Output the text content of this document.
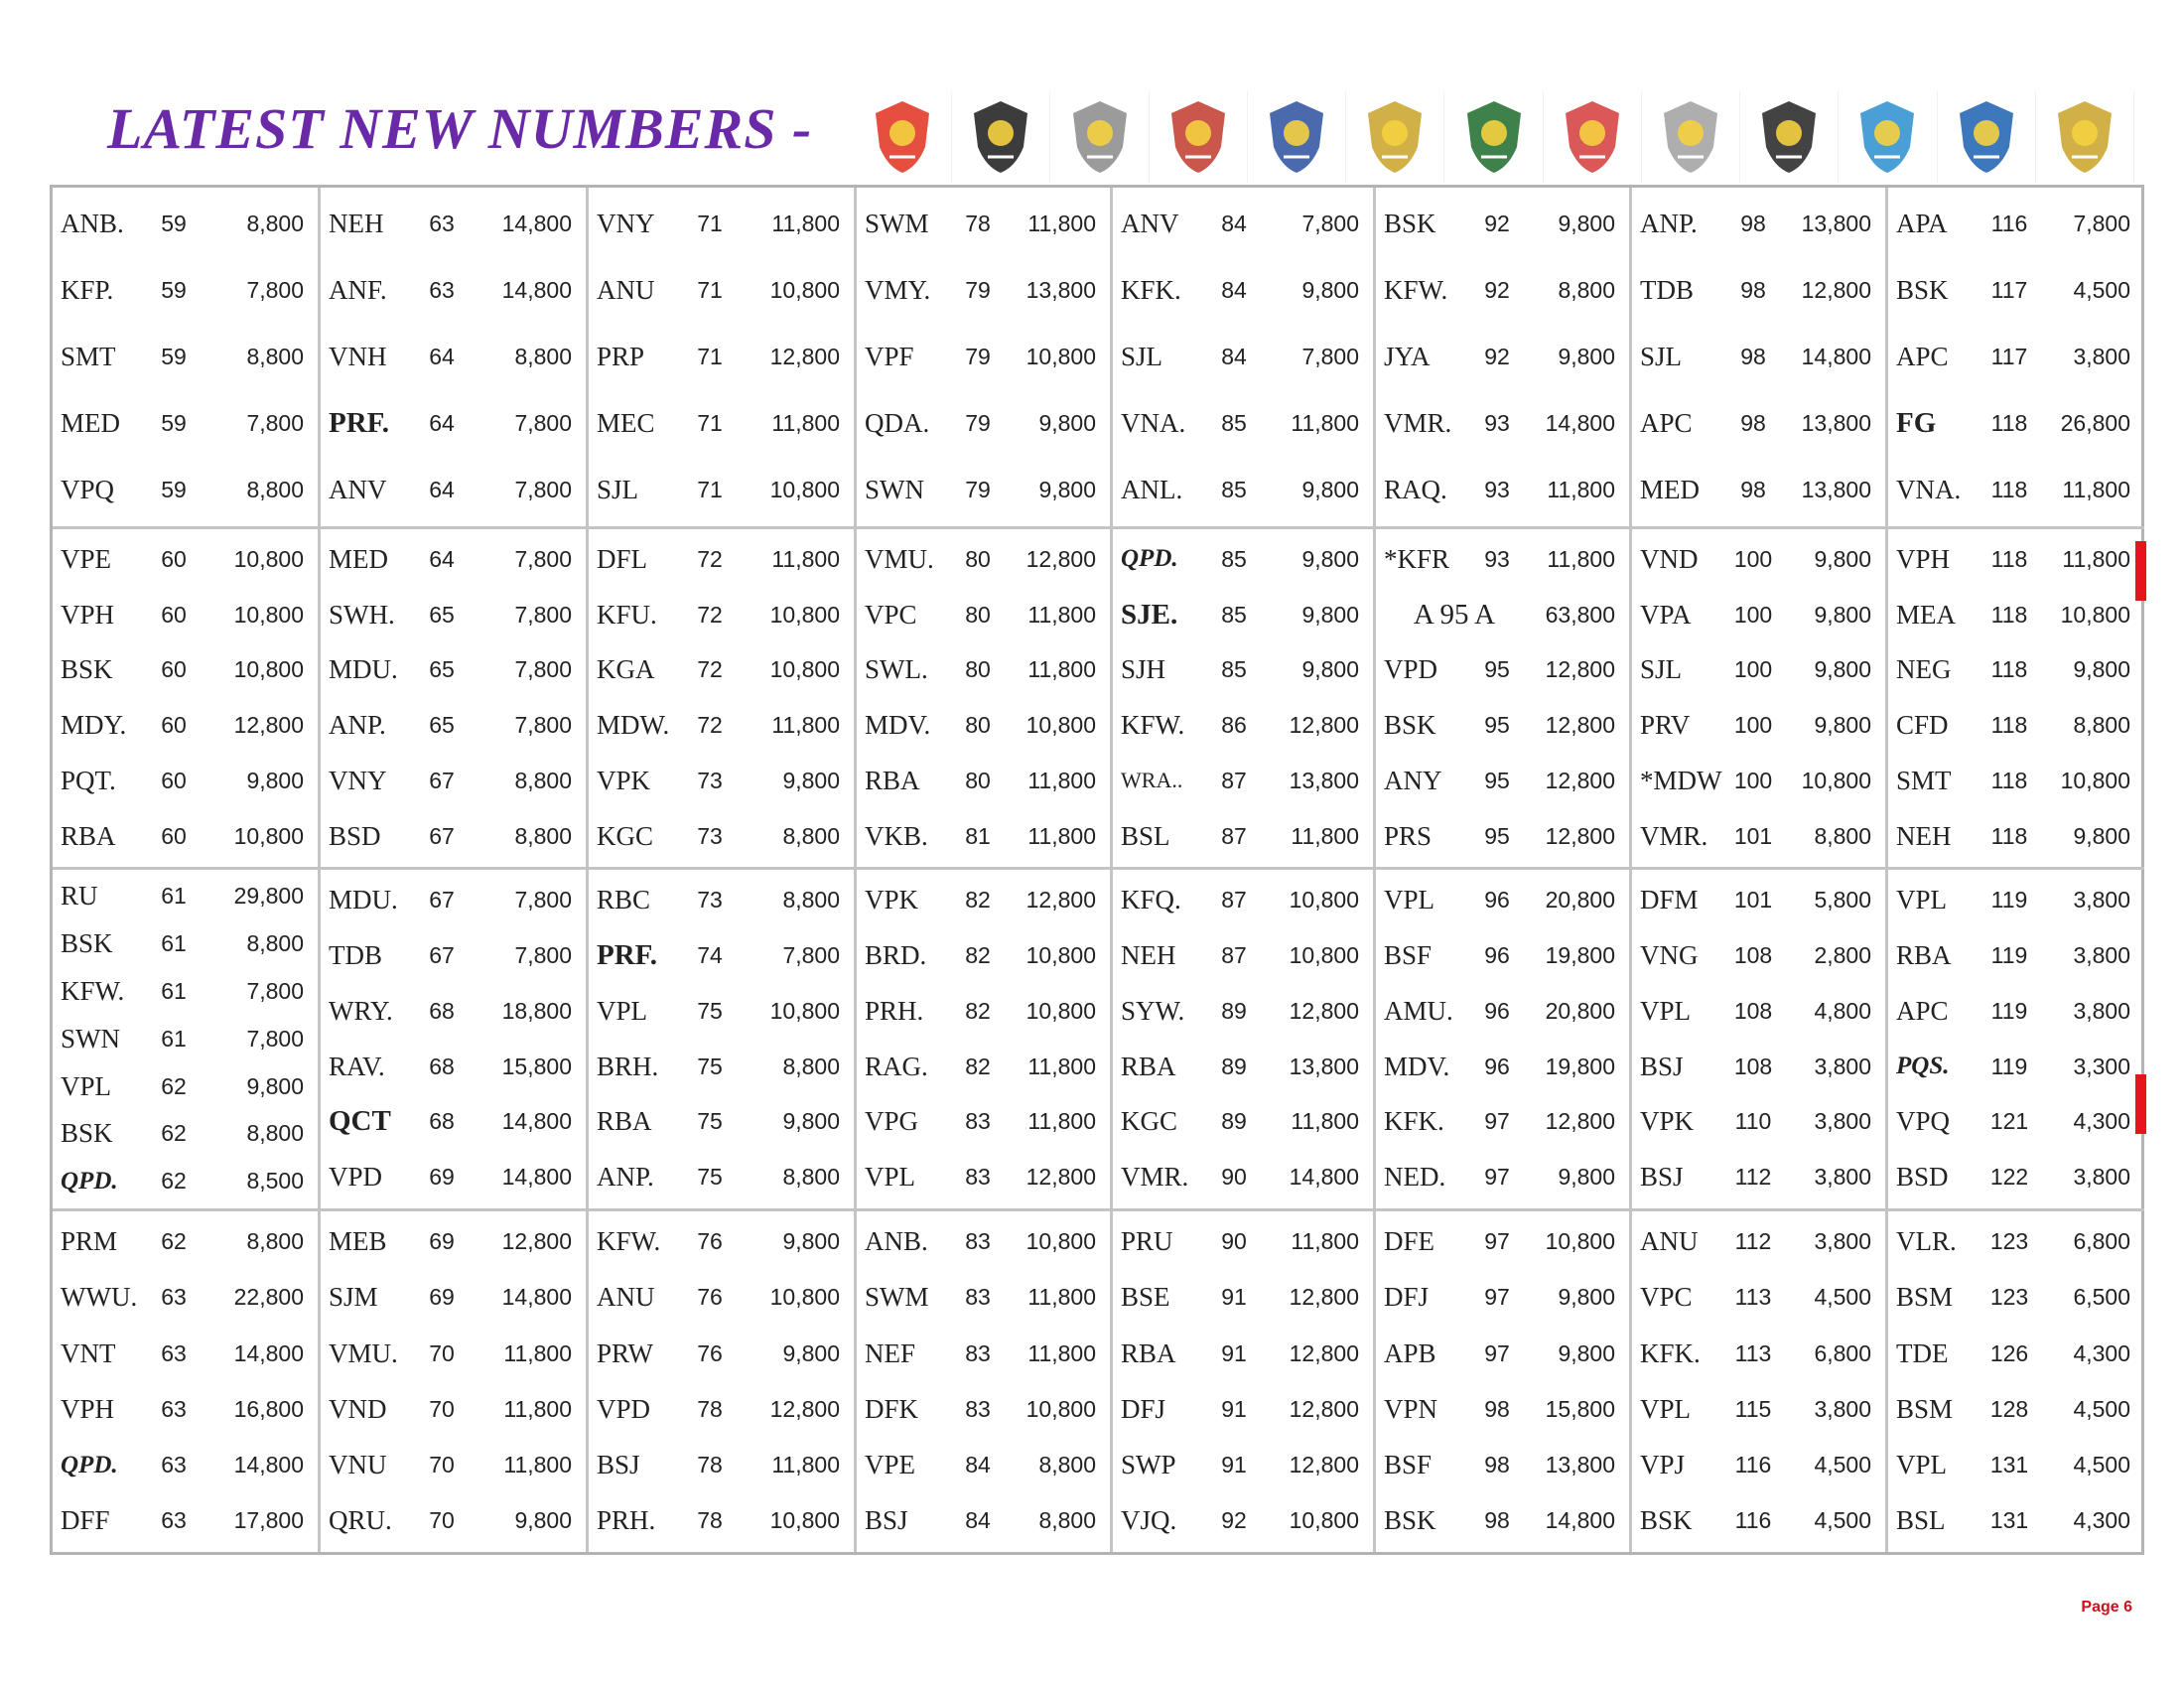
LATEST NEW NUMBERS -
ANB.	59	8,800
KFP.	59	7,800
SMT	59	8,800
MED	59	7,800
VPQ	59	8,800
NEH	63	14,800
ANF.	63	14,800
VNH	64	8,800
PRF.	64	7,800
ANV	64	7,800
VNY	71	11,800
ANU	71	10,800
PRP	71	12,800
MEC	71	11,800
SJL	71	10,800
SWM	78	11,800
VMY.	79	13,800
VPF	79	10,800
QDA.	79	9,800
SWN	79	9,800
ANV	84	7,800
KFK.	84	9,800
SJL	84	7,800
VNA.	85	11,800
ANL.	85	9,800
BSK	92	9,800
KFW.	92	8,800
JYA	92	9,800
VMR.	93	14,800
RAQ.	93	11,800
ANP.	98	13,800
TDB	98	12,800
SJL	98	14,800
APC	98	13,800
MED	98	13,800
APA	116	7,800
BSK	117	4,500
APC	117	3,800
FG	118	26,800
VNA.	118	11,800
VPE	60	10,800
VPH	60	10,800
BSK	60	10,800
MDY.	60	12,800
PQT.	60	9,800
RBA	60	10,800
MED	64	7,800
SWH.	65	7,800
MDU.	65	7,800
ANP.	65	7,800
VNY	67	8,800
BSD	67	8,800
DFL	72	11,800
KFU.	72	10,800
KGA	72	10,800
MDW.	72	11,800
VPK	73	9,800
KGC	73	8,800
VMU.	80	12,800
VPC	80	11,800
SWL.	80	11,800
MDV.	80	10,800
RBA	80	11,800
VKB.	81	11,800
QPD.	85	9,800
SJE.	85	9,800
SJH	85	9,800
KFW.	86	12,800
WRA..	87	13,800
BSL	87	11,800
*KFR	93	11,800
A 95 A	63,800
VPD	95	12,800
BSK	95	12,800
ANY	95	12,800
PRS	95	12,800
VND	100	9,800
VPA	100	9,800
SJL	100	9,800
PRV	100	9,800
*MDW 100	10,800
VMR.	101	8,800
VPH	118	11,800
MEA	118	10,800
NEG	118	9,800
CFD	118	8,800
SMT	118	10,800
NEH	118	9,800
RU	61	29,800
BSK	61	8,800
KFW.	61	7,800
SWN	61	7,800
VPL	62	9,800
BSK	62	8,800
QPD.	62	8,500
MDU.	67	7,800
TDB	67	7,800
WRY.	68	18,800
RAV.	68	15,800
QCT	68	14,800
VPD	69	14,800
RBC	73	8,800
PRF.	74	7,800
VPL	75	10,800
BRH.	75	8,800
RBA	75	9,800
ANP.	75	8,800
VPK	82	12,800
BRD.	82	10,800
PRH.	82	10,800
RAG.	82	11,800
VPG	83	11,800
VPL	83	12,800
KFQ.	87	10,800
NEH	87	10,800
SYW.	89	12,800
RBA	89	13,800
KGC	89	11,800
VMR.	90	14,800
VPL	96	20,800
BSF	96	19,800
AMU.	96	20,800
MDV.	96	19,800
KFK.	97	12,800
NED.	97	9,800
DFM	101	5,800
VNG	108	2,800
VPL	108	4,800
BSJ	108	3,800
VPK	110	3,800
BSJ	112	3,800
VPL	119	3,800
RBA	119	3,800
APC	119	3,800
PQS.	119	3,300
VPQ	121	4,300
BSD	122	3,800
PRM	62	8,800
WWU.	63	22,800
VNT	63	14,800
VPH	63	16,800
QPD.	63	14,800
DFF	63	17,800
MEB	69	12,800
SJM	69	14,800
VMU.	70	11,800
VND	70	11,800
VNU	70	11,800
QRU.	70	9,800
KFW.	76	9,800
ANU	76	10,800
PRW	76	9,800
VPD	78	12,800
BSJ	78	11,800
PRH.	78	10,800
ANB.	83	10,800
SWM	83	11,800
NEF	83	11,800
DFK	83	10,800
VPE	84	8,800
BSJ	84	8,800
PRU	90	11,800
BSE	91	12,800
RBA	91	12,800
DFJ	91	12,800
SWP	91	12,800
VJQ.	92	10,800
DFE	97	10,800
DFJ	97	9,800
APB	97	9,800
VPN	98	15,800
BSF	98	13,800
BSK	98	14,800
ANU	112	3,800
VPC	113	4,500
KFK.	113	6,800
VPL	115	3,800
VPJ	116	4,500
BSK	116	4,500
VLR.	123	6,800
BSM	123	6,500
TDE	126	4,300
BSM	128	4,500
VPL	131	4,500
BSL	131	4,300
Page 6
